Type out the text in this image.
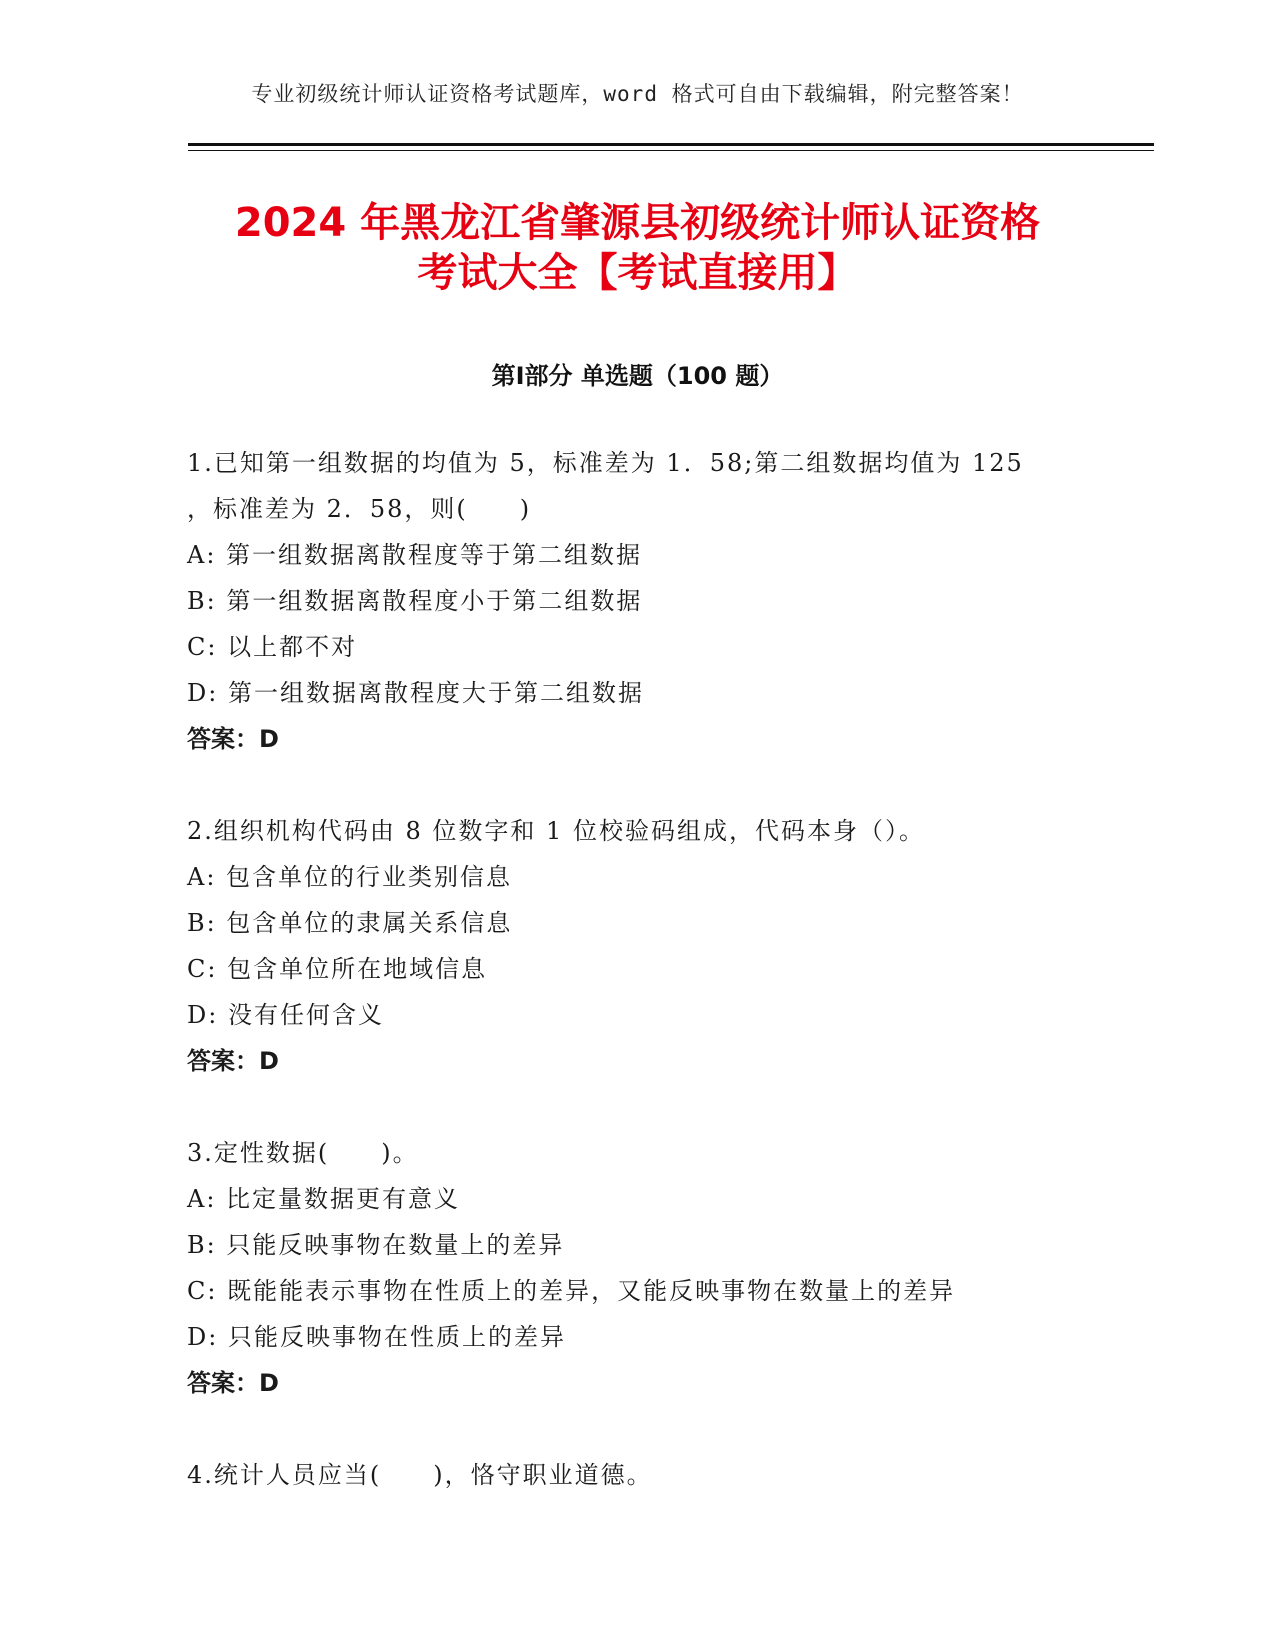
专业初级统计师认证资格考试题库，word 格式可自由下载编辑，附完整答案！
2024 年黑龙江省肇源县初级统计师认证资格
考试大全【考试直接用】
第Ⅰ部分 单选题（100 题）
1.已知第一组数据的均值为 5，标准差为 1．58;第二组数据均值为 125
，标准差为 2．58，则(　　)
A: 第一组数据离散程度等于第二组数据
B: 第一组数据离散程度小于第二组数据
C: 以上都不对
D: 第一组数据离散程度大于第二组数据
答案：D
2.组织机构代码由 8 位数字和 1 位校验码组成，代码本身（）。
A: 包含单位的行业类别信息
B: 包含单位的隶属关系信息
C: 包含单位所在地域信息
D: 没有任何含义
答案：D
3.定性数据(　　)。
A: 比定量数据更有意义
B: 只能反映事物在数量上的差异
C: 既能能表示事物在性质上的差异，又能反映事物在数量上的差异
D: 只能反映事物在性质上的差异
答案：D
4.统计人员应当(　　)，恪守职业道德。
